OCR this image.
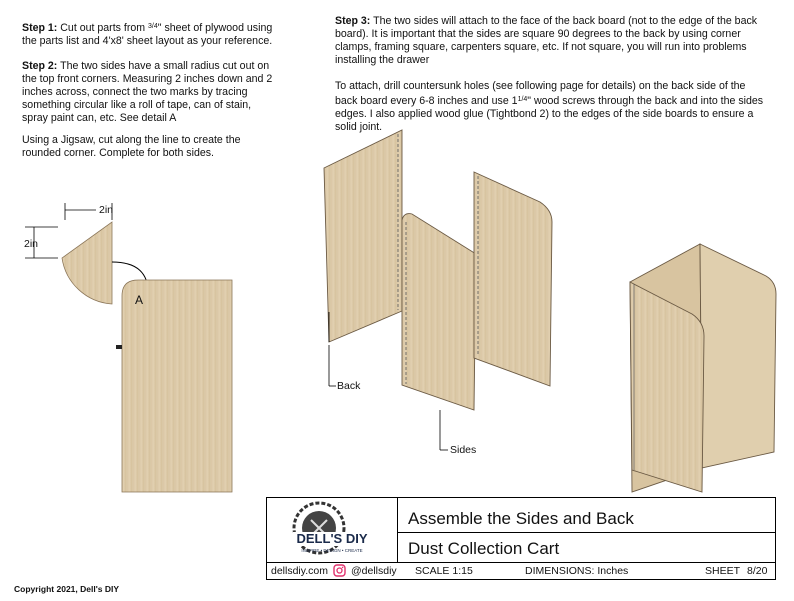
Step 1: Cut out parts from $^{3/4}$" sheet of plywood using the parts list and 4'x8' sheet layout as your reference.
Step 2: The two sides have a small radius cut out on the top front corners. Measuring 2 inches down and 2 inches across, connect the two marks by tracing something circular like a roll of tape, can of stain, spray paint can, etc. See detail A
Using a Jigsaw, cut along the line to create the rounded corner. Complete for both sides.
Step 3: The two sides will attach to the face of the back board (not to the edge of the back board). It is important that the sides are square 90 degrees to the back by using corner clamps, framing square, carpenters square, etc. If not square, you will run into problems installing the drawer
To attach, drill countersunk holes (see following page for details) on the back side of the back board every 6-8 inches and use $1^{1/4}$" wood screws through the back and into the sides edges. I also applied wood glue (Tightbond 2) to the edges of the side boards to ensure a solid joint.
2in
2in
A
Back
Sides
DELL'S DIY
INSPIRE • DESIGN • CREATE
Assemble the Sides and Back
Dust Collection Cart
dellsdiy.com @dellsdiy SCALE 1:15	DIMENSIONS: Inches	SHEET 8/20
Copyright 2021, Dell's DIY
